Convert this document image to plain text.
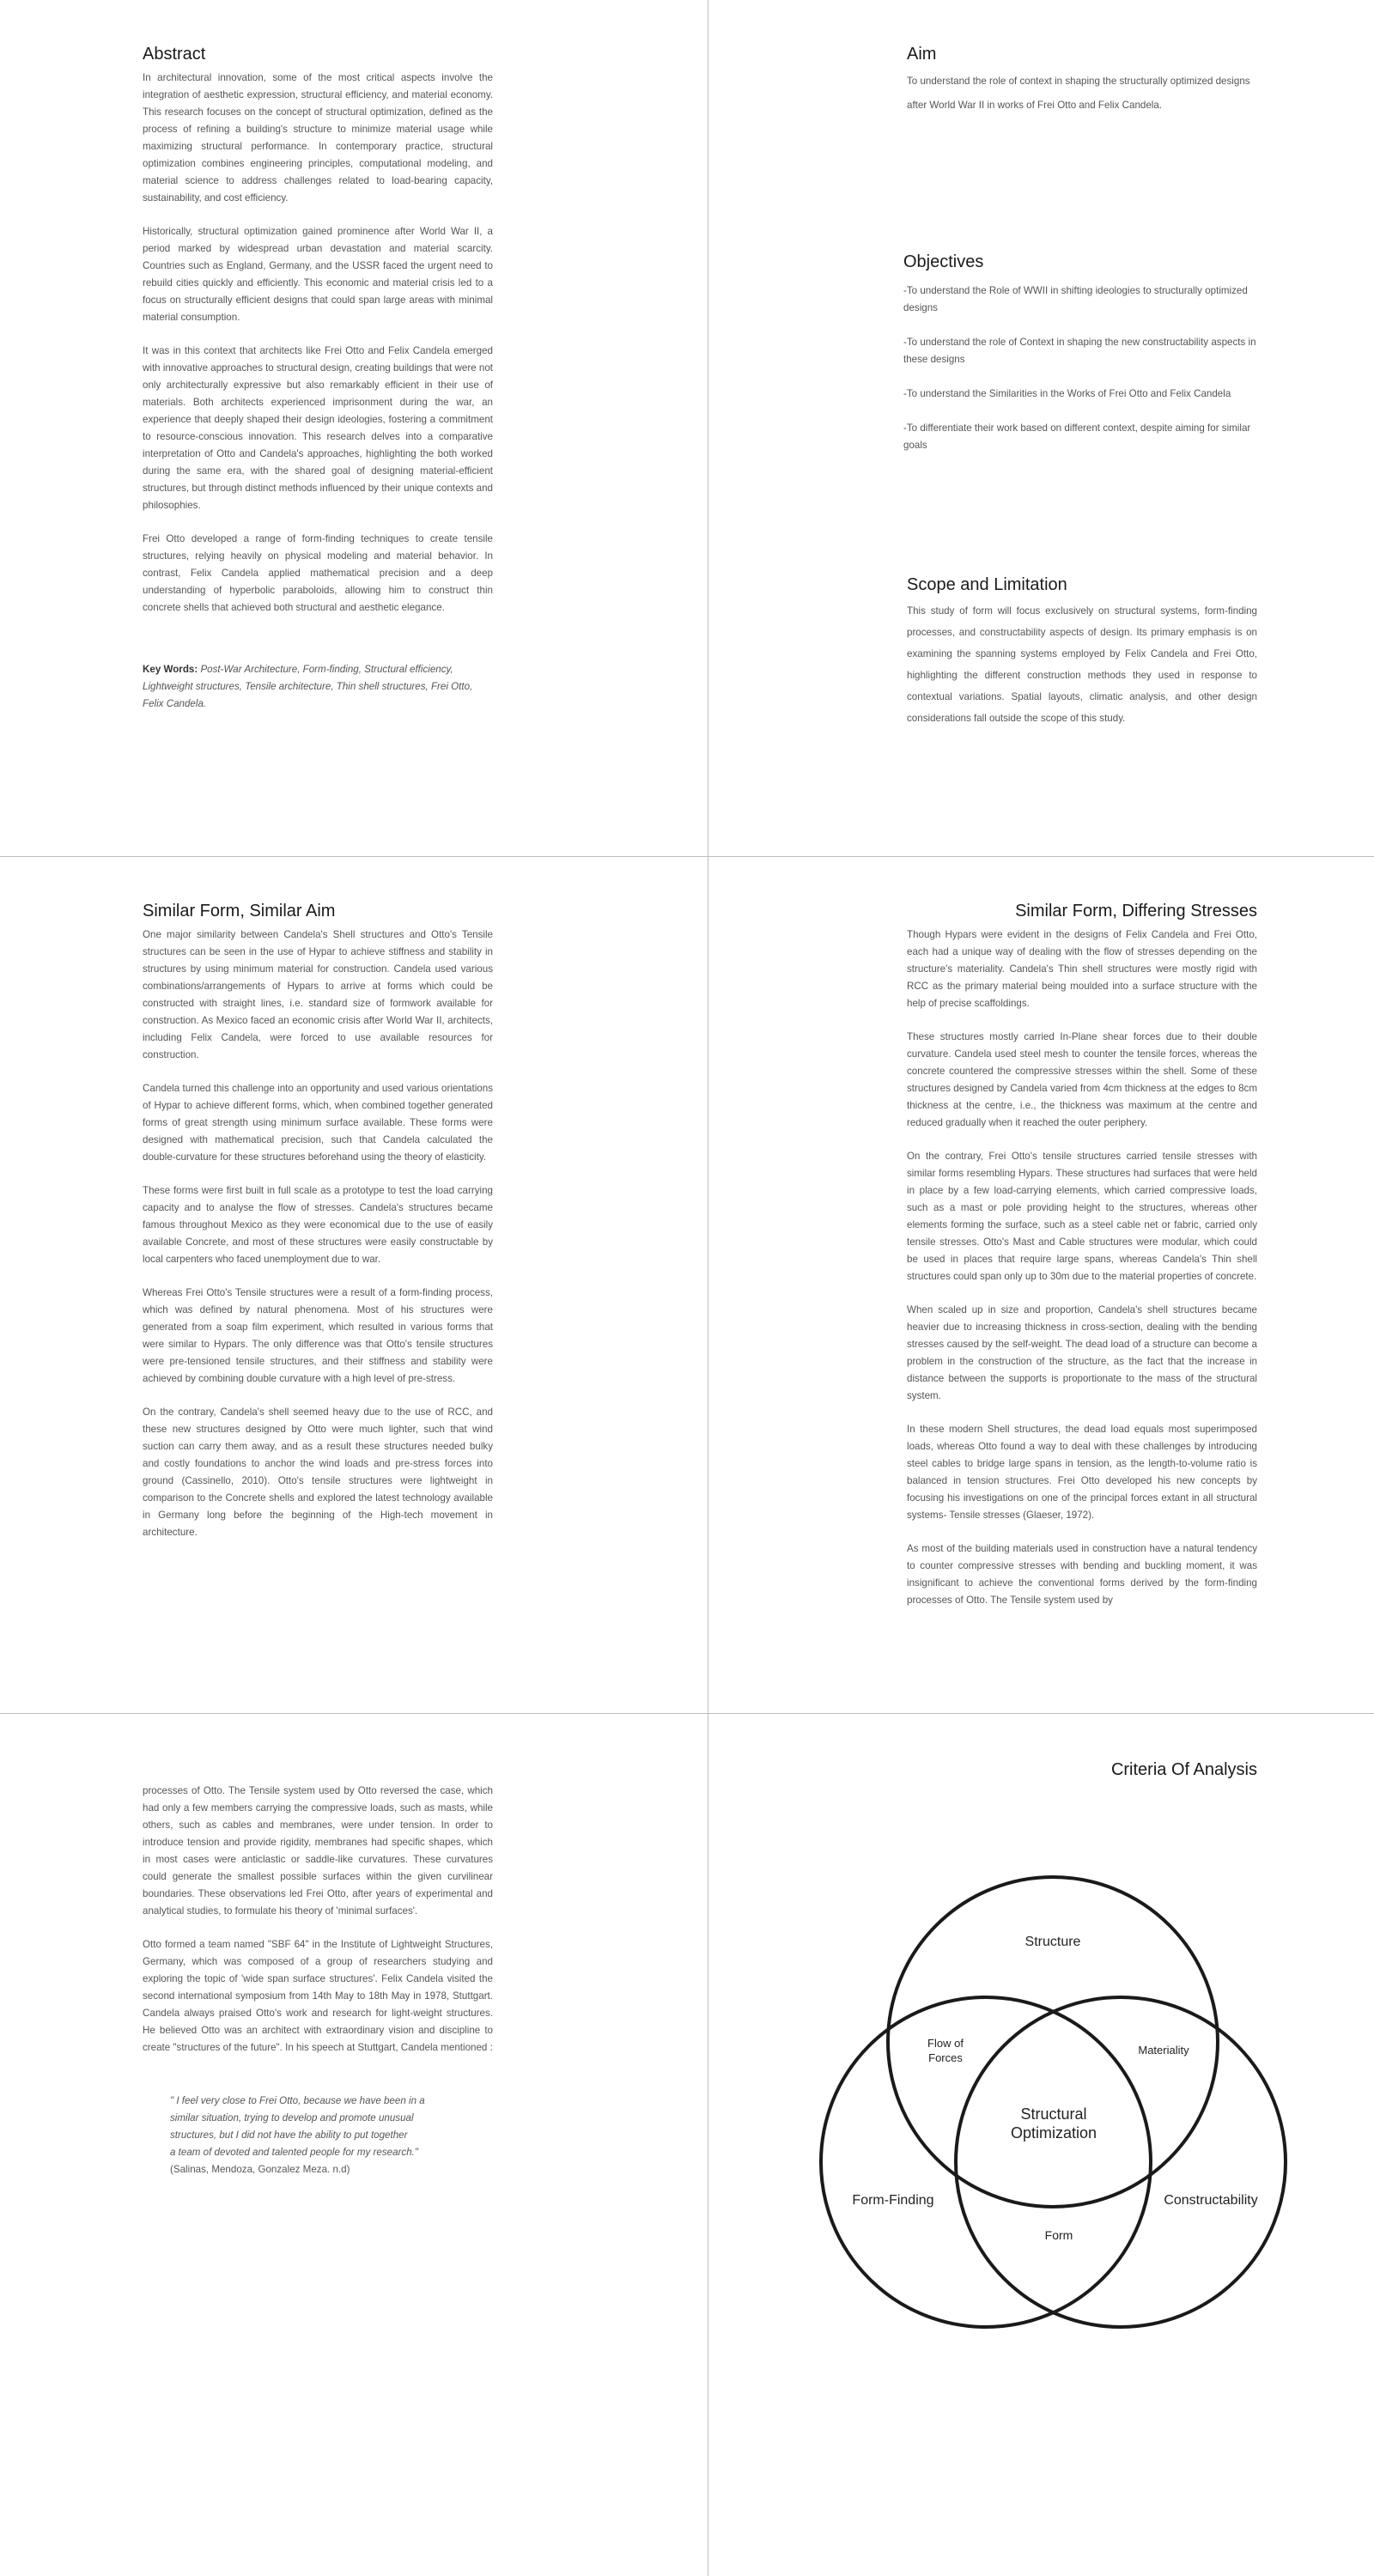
Abstract

In architectural innovation, some of the most critical aspects involve the integration of aesthetic expression, structural efficiency, and material economy. This research focuses on the concept of structural optimization, defined as the process of refining a building's structure to minimize material usage while maximizing structural performance. In contemporary practice, structural optimization combines engineering principles, computational modeling, and material science to address challenges related to load-bearing capacity, sustainability, and cost efficiency.

Historically, structural optimization gained prominence after World War II, a period marked by widespread urban devastation and material scarcity. Countries such as England, Germany, and the USSR faced the urgent need to rebuild cities quickly and efficiently. This economic and material crisis led to a focus on structurally efficient designs that could span large areas with minimal material consumption.

It was in this context that architects like Frei Otto and Felix Candela emerged with innovative approaches to structural design, creating buildings that were not only architecturally expressive but also remarkably efficient in their use of materials. Both architects experienced imprisonment during the war, an experience that deeply shaped their design ideologies, fostering a commitment to resource-conscious innovation. This research delves into a comparative interpretation of Otto and Candela's approaches, highlighting the both worked during the same era, with the shared goal of designing material-efficient structures, but through distinct methods influenced by their unique contexts and philosophies.

Frei Otto developed a range of form-finding techniques to create tensile structures, relying heavily on physical modeling and material behavior. In contrast, Felix Candela applied mathematical precision and a deep understanding of hyperbolic paraboloids, allowing him to construct thin concrete shells that achieved both structural and aesthetic elegance.

Key Words: Post-War Architecture, Form-finding, Structural efficiency, Lightweight structures, Tensile architecture, Thin shell structures, Frei Otto, Felix Candela.

Aim

To understand the role of context in shaping the structurally optimized designs after World War II in works of Frei Otto and Felix Candela.

Objectives

-To understand the Role of WWII in shifting ideologies to structurally optimized designs

-To understand the role of Context in shaping the new constructability aspects in these designs

-To understand the Similarities in the Works of Frei Otto and Felix Candela

-To differentiate their work based on different context, despite aiming for similar goals

Scope and Limitation

This study of form will focus exclusively on structural systems, form-finding processes, and constructability aspects of design. Its primary emphasis is on examining the spanning systems employed by Felix Candela and Frei Otto, highlighting the different construction methods they used in response to contextual variations. Spatial layouts, climatic analysis, and other design considerations fall outside the scope of this study.

Similar Form, Similar Aim

One major similarity between Candela's Shell structures and Otto's Tensile structures can be seen in the use of Hypar to achieve stiffness and stability in structures by using minimum material for construction. Candela used various combinations/arrangements of Hypars to arrive at forms which could be constructed with straight lines, i.e. standard size of formwork available for construction. As Mexico faced an economic crisis after World War II, architects, including Felix Candela, were forced to use available resources for construction.

Candela turned this challenge into an opportunity and used various orientations of Hypar to achieve different forms, which, when combined together generated forms of great strength using minimum surface available. These forms were designed with mathematical precision, such that Candela calculated the double-curvature for these structures beforehand using the theory of elasticity.

These forms were first built in full scale as a prototype to test the load carrying capacity and to analyse the flow of stresses. Candela's structures became famous throughout Mexico as they were economical due to the use of easily available Concrete, and most of these structures were easily constructable by local carpenters who faced unemployment due to war.

Whereas Frei Otto's Tensile structures were a result of a form-finding process, which was defined by natural phenomena. Most of his structures were generated from a soap film experiment, which resulted in various forms that were similar to Hypars. The only difference was that Otto's tensile structures were pre-tensioned tensile structures, and their stiffness and stability were achieved by combining double curvature with a high level of pre-stress.

On the contrary, Candela's shell seemed heavy due to the use of RCC, and these new structures designed by Otto were much lighter, such that wind suction can carry them away, and as a result these structures needed bulky and costly foundations to anchor the wind loads and pre-stress forces into ground (Cassinello, 2010). Otto's tensile structures were lightweight in comparison to the Concrete shells and explored the latest technology available in Germany long before the beginning of the High-tech movement in architecture.

Similar Form, Differing Stresses

Though Hypars were evident in the designs of Felix Candela and Frei Otto, each had a unique way of dealing with the flow of stresses depending on the structure's materiality. Candela's Thin shell structures were mostly rigid with RCC as the primary material being moulded into a surface structure with the help of precise scaffoldings.

These structures mostly carried In-Plane shear forces due to their double curvature. Candela used steel mesh to counter the tensile forces, whereas the concrete countered the compressive stresses within the shell. Some of these structures designed by Candela varied from 4cm thickness at the edges to 8cm thickness at the centre, i.e., the thickness was maximum at the centre and reduced gradually when it reached the outer periphery.

On the contrary, Frei Otto's tensile structures carried tensile stresses with similar forms resembling Hypars. These structures had surfaces that were held in place by a few load-carrying elements, which carried compressive loads, such as a mast or pole providing height to the structures, whereas other elements forming the surface, such as a steel cable net or fabric, carried only tensile stresses. Otto's Mast and Cable structures were modular, which could be used in places that require large spans, whereas Candela's Thin shell structures could span only up to 30m due to the material properties of concrete.

When scaled up in size and proportion, Candela's shell structures became heavier due to increasing thickness in cross-section, dealing with the bending stresses caused by the self-weight. The dead load of a structure can become a problem in the construction of the structure, as the fact that the increase in distance between the supports is proportionate to the mass of the structural system.

In these modern Shell structures, the dead load equals most superimposed loads, whereas Otto found a way to deal with these challenges by introducing steel cables to bridge large spans in tension, as the length-to-volume ratio is balanced in tension structures. Frei Otto developed his new concepts by focusing his investigations on one of the principal forces extant in all structural systems- Tensile stresses (Glaeser, 1972).

As most of the building materials used in construction have a natural tendency to counter compressive stresses with bending and buckling moment, it was insignificant to achieve the conventional forms derived by the form-finding processes of Otto. The Tensile system used by

processes of Otto. The Tensile system used by Otto reversed the case, which had only a few members carrying the compressive loads, such as masts, while others, such as cables and membranes, were under tension. In order to introduce tension and provide rigidity, membranes had specific shapes, which in most cases were anticlastic or saddle-like curvatures. These curvatures could generate the smallest possible surfaces within the given curvilinear boundaries. These observations led Frei Otto, after years of experimental and analytical studies, to formulate his theory of 'minimal surfaces'.

Otto formed a team named "SBF 64" in the Institute of Lightweight Structures, Germany, which was composed of a group of researchers studying and exploring the topic of 'wide span surface structures'. Felix Candela visited the second international symposium from 14th May to 18th May in 1978, Stuttgart. Candela always praised Otto's work and research for light-weight structures. He believed Otto was an architect with extraordinary vision and discipline to create "structures of the future". In his speech at Stuttgart, Candela mentioned :

" I feel very close to Frei Otto, because we have been in a
similar situation, trying to develop and promote unusual
structures, but I did not have the ability to put together
a team of devoted and talented people for my research."
(Salinas, Mendoza, Gonzalez Meza. n.d)
Criteria Of Analysis
Structure
Form-Finding	Constructability
Flow of
Forces
Materiality
Form
Structural
Optimization
